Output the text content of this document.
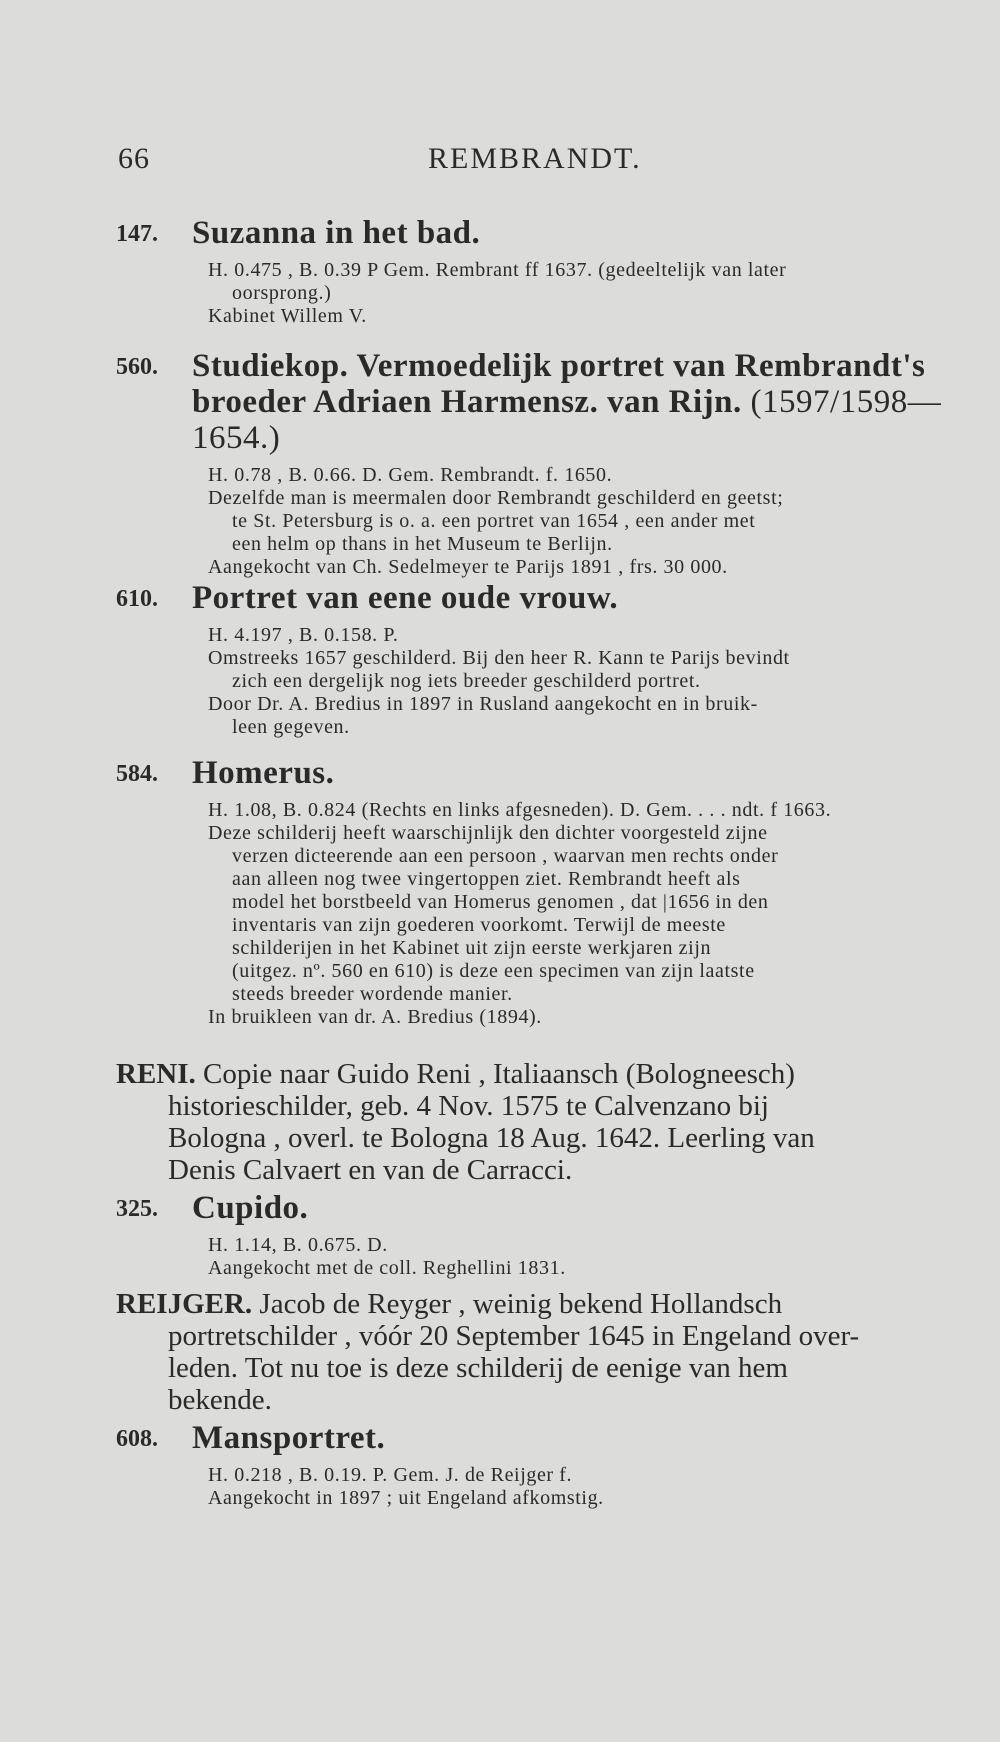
66	REMBRANDT.
147. Suzanna in het bad.
H. 0.475 , B. 0.39 P Gem. Rembrant ff 1637. (gedeeltelijk van later
oorsprong.)
Kabinet Willem V.
560. Studiekop. Vermoedelijk portret van Rembrandt's
broeder Adriaen Harmensz. van Rijn. (1597/1598—
1654.)
H. 0.78 , B. 0.66. D. Gem. Rembrandt. f. 1650.
Dezelfde man is meermalen door Rembrandt geschilderd en geetst;
te St. Petersburg is o. a. een portret van 1654 , een ander met
een helm op thans in het Museum te Berlijn.
Aangekocht van Ch. Sedelmeyer te Parijs 1891 , frs. 30 000.
610. Portret van eene oude vrouw.
H. 4.197 , B. 0.158. P.
Omstreeks 1657 geschilderd. Bij den heer R. Kann te Parijs bevindt
zich een dergelijk nog iets breeder geschilderd portret.
Door Dr. A. Bredius in 1897 in Rusland aangekocht en in bruik-
leen gegeven.
584. Homerus.
H. 1.08, B. 0.824 (Rechts en links afgesneden). D. Gem. . . . ndt. f 1663.
Deze schilderij heeft waarschijnlijk den dichter voorgesteld zijne
verzen dicteerende aan een persoon , waarvan men rechts onder
aan alleen nog twee vingertoppen ziet. Rembrandt heeft als
model het borstbeeld van Homerus genomen , dat |1656 in den
inventaris van zijn goederen voorkomt. Terwijl de meeste
schilderijen in het Kabinet uit zijn eerste werkjaren zijn
(uitgez. nº. 560 en 610) is deze een specimen van zijn laatste
steeds breeder wordende manier.
In bruikleen van dr. A. Bredius (1894).
RENI. Copie naar Guido Reni , Italiaansch (Bologneesch)
historieschilder, geb. 4 Nov. 1575 te Calvenzano bij
Bologna , overl. te Bologna 18 Aug. 1642. Leerling van
Denis Calvaert en van de Carracci.
325. Cupido.
H. 1.14, B. 0.675. D.
Aangekocht met de coll. Reghellini 1831.
REIJGER. Jacob de Reyger , weinig bekend Hollandsch
portretschilder , vóór 20 September 1645 in Engeland over-
leden. Tot nu toe is deze schilderij de eenige van hem
bekende.
608. Mansportret.
H. 0.218 , B. 0.19. P. Gem. J. de Reijger f.
Aangekocht in 1897 ; uit Engeland afkomstig.
